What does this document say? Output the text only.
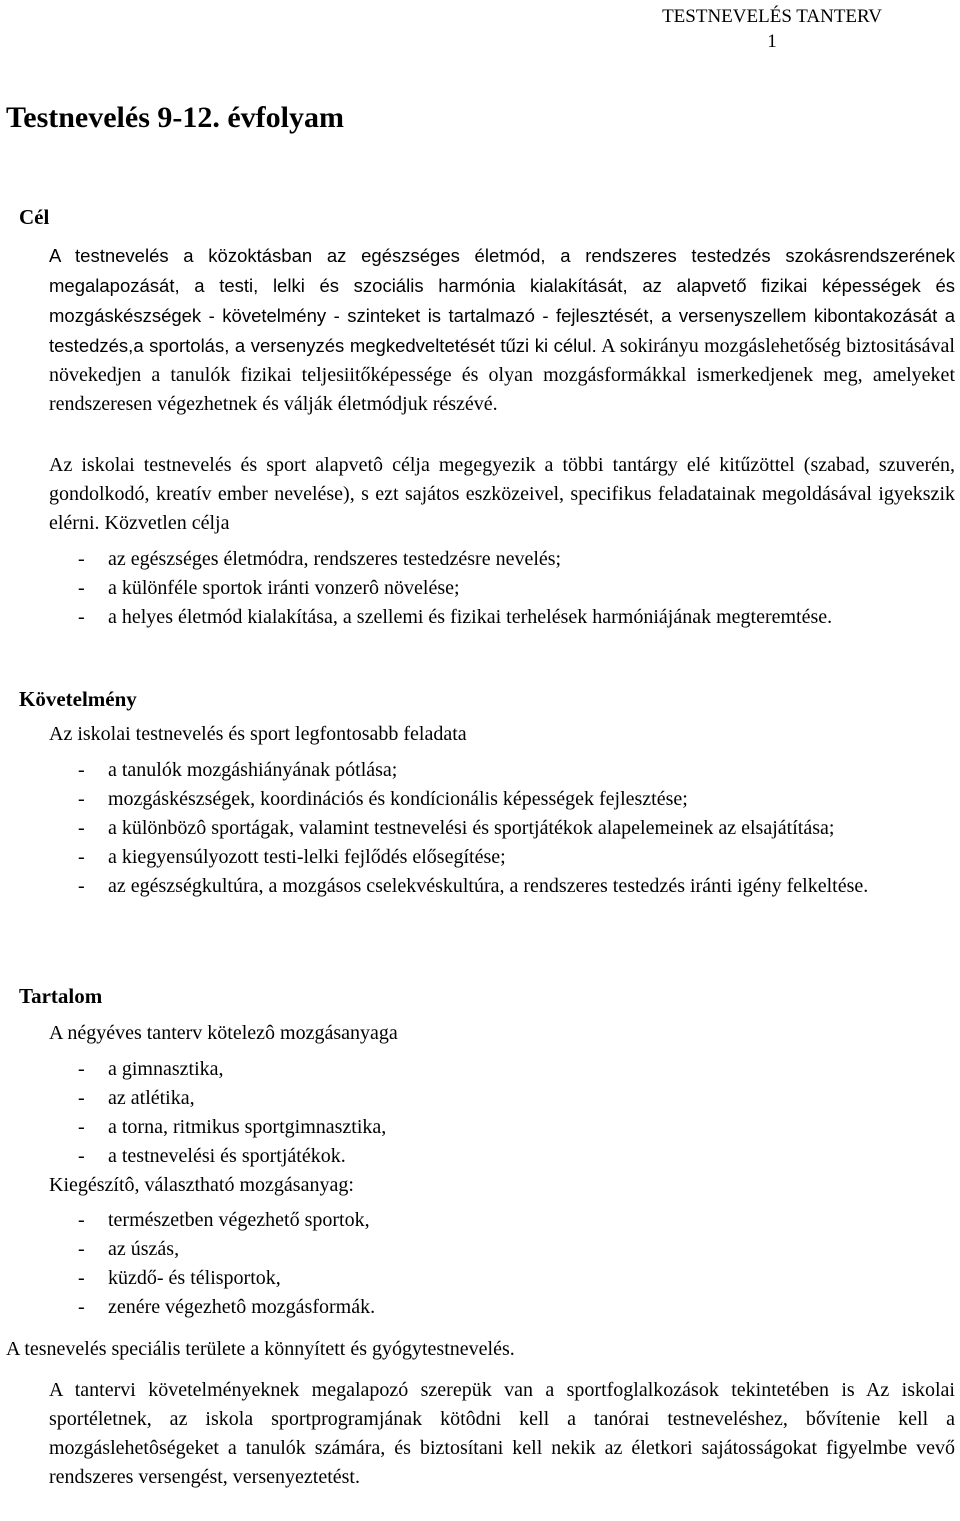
TESTNEVELÉS TANTERV
1
Testnevelés 9-12. évfolyam
Cél

A testnevelés a közoktásban az egészséges életmód, a rendszeres testedzés szokásrendszerének megalapozását, a testi, lelki és szociális harmónia kialakítását, az alapvető fizikai képességek és mozgáskészségek - követelmény - szinteket is tartalmazó - fejlesztését, a versenyszellem kibontakozását a testedzés,a sportolás, a versenyzés megkedveltetését tűzi ki célul. A sokirányu mozgáslehetőség biztositásával növekedjen a tanulók fizikai teljesiitőképessége és olyan mozgásformákkal ismerkedjenek meg, amelyeket rendszeresen végezhetnek és válják életmódjuk részévé.

Az iskolai testnevelés és sport alapvetô célja megegyezik a többi tantárgy elé kitűzöttel (szabad, szuverén, gondolkodó, kreatív ember nevelése), s ezt sajátos eszközeivel, specifikus feladatainak megoldásával igyekszik elérni. Közvetlen célja
- az egészséges életmódra, rendszeres testedzésre nevelés;
- a különféle sportok iránti vonzerô növelése;
- a helyes életmód kialakítása, a szellemi és fizikai terhelések harmóniájának megteremtése.
Követelmény
Az iskolai testnevelés és sport legfontosabb feladata
- a tanulók mozgáshiányának pótlása;
- mozgáskészségek, koordinációs és kondícionális képességek fejlesztése;
- a különbözô sportágak, valamint testnevelési és sportjátékok alapelemeinek az elsajátítása;
- a kiegyensúlyozott testi-lelki fejlődés elősegítése;
- az egészségkultúra, a mozgásos cselekvéskultúra, a rendszeres testedzés iránti igény felkeltése.
Tartalom
A négyéves tanterv kötelezô mozgásanyaga
- a gimnasztika,
- az atlétika,
- a torna, ritmikus sportgimnasztika,
- a testnevelési és sportjátékok.
Kiegészítô, választható mozgásanyag:
- természetben végezhető sportok,
- az úszás,
- küzdő- és télisportok,
- zenére végezhetô mozgásformák.
A tesnevelés speciális területe a könnyített és gyógytestnevelés.
A tantervi követelményeknek megalapozó szerepük van a sportfoglalkozások tekintetében is Az iskolai sportéletnek, az iskola sportprogramjának kötôdni kell a tanórai testneveléshez, bővítenie kell a mozgáslehetôségeket a tanulók számára, és biztosítani kell nekik az életkori sajátosságokat figyelmbe vevő rendszeres versengést, versenyeztetést.
